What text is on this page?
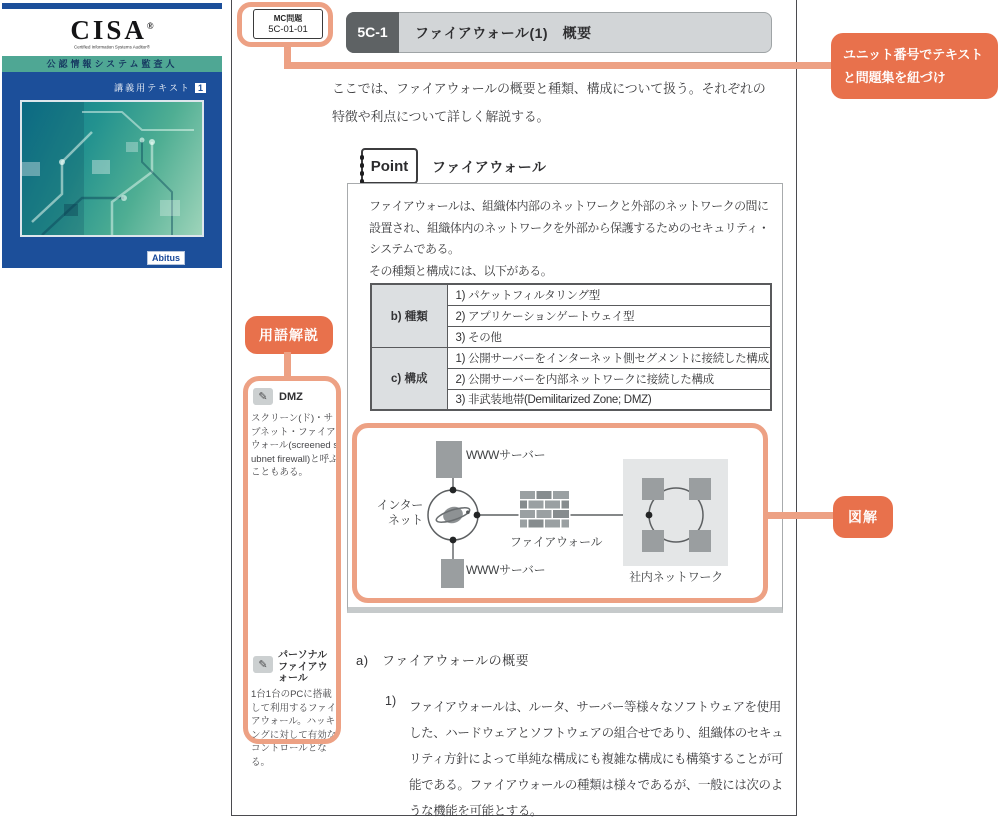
CISA®
Certified Information Systems Auditor®
公認情報システム監査人
講義用テキスト 1
Abitus
MC問題
5C-01-01	5C-1	ファイアウォール(1)　概要
ここでは、ファイアウォールの概要と種類、構成について扱う。それぞれの特徴や利点について詳しく解説する。
Point ファイアウォール
ファイアウォールは、組織体内部のネットワークと外部のネットワークの間に設置され、組織体内のネットワークを外部から保護するためのセキュリティ・システムである。
その種類と構成には、以下がある。
b) 種類	1) パケットフィルタリング型
	2) アプリケーションゲートウェイ型
	3) その他
c) 構成	1) 公開サーバーをインターネット側セグメントに接続した構成
	2) 公開サーバーを内部ネットワークに接続した構成
	3) 非武装地帯(Demilitarized Zone; DMZ)
WWWサーバー
インター
ネット
ファイアウォール
社内ネットワーク
WWWサーバー
✎	DMZ
スクリーン(ド)・サブネット・ファイアウォール(screened subnet firewall)と呼ぶこともある。
✎
パーソナルファイアウォール
1台1台のPCに搭載して利用するファイアウォール。ハッキングに対して有効なコントロールとなる。
a)　ファイアウォールの概要
1) ファイアウォールは、ルータ、サーバー等様々なソフトウェアを使用した、ハードウェアとソフトウェアの組合せであり、組織体のセキュリティ方針によって単純な構成にも複雑な構成にも構築することが可能である。ファイアウォールの種類は様々であるが、一般には次のような機能を可能とする。
ユニット番号でテキストと問題集を紐づけ
用語解説
図解
